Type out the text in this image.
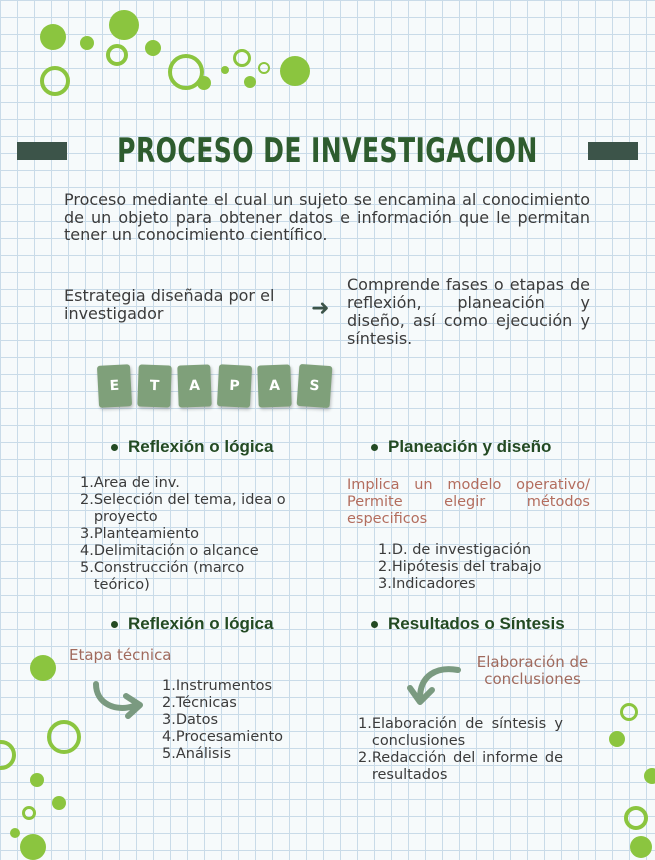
PROCESO DE INVESTIGACION
Proceso mediante el cual un sujeto se encamina al conocimiento de un objeto para obtener datos e información que le permitan tener un conocimiento científico.
Estrategia diseñada por el investigador	➜
Comprende fases o etapas de reflexión, planeación y diseño, así como ejecución y síntesis.
E	T	A	P	A	S
Reflexión o lógica
1. Area de inv.
2. Selección del tema, idea o proyecto
3. Planteamiento
4. Delimitación o alcance
5. Construcción (marco teórico)
Planeación y diseño
Implica un modelo operativo/ Permite elegir métodos especificos
1. D. de investigación
2. Hipótesis del trabajo
3. Indicadores
Reflexión o lógica
Etapa técnica
1. Instrumentos
2. Técnicas
3. Datos
4. Procesamiento
5. Análisis
Resultados o Síntesis
Elaboración de conclusiones
1. Elaboración de síntesis y conclusiones
2. Redacción del informe de resultados
